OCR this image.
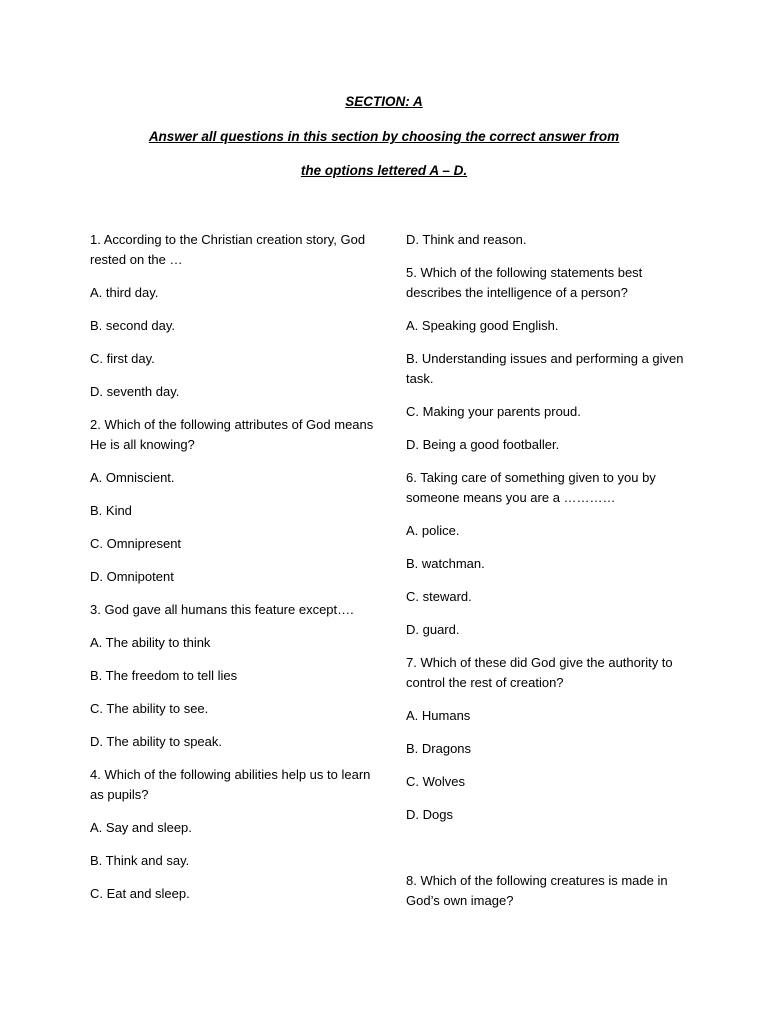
SECTION: A
Answer all questions in this section by choosing the correct answer from
the options lettered A – D.
1. According to the Christian creation story, God rested on the …
A. third day.
B. second day.
C. first day.
D. seventh day.
2. Which of the following attributes of God means He is all knowing?
A. Omniscient.
B. Kind
C. Omnipresent
D. Omnipotent
3. God gave all humans this feature except….
A. The ability to think
B. The freedom to tell lies
C. The ability to see.
D. The ability to speak.
4. Which of the following abilities help us to learn as pupils?
A. Say and sleep.
B. Think and say.
C. Eat and sleep.
D. Think and reason.
5. Which of the following statements best describes the intelligence of a person?
A. Speaking good English.
B. Understanding issues and performing a given task.
C. Making your parents proud.
D. Being a good footballer.
6. Taking care of something given to you by someone means you are a …………
A. police.
B. watchman.
C. steward.
D. guard.
7. Which of these did God give the authority to control the rest of creation?
A. Humans
B. Dragons
C. Wolves
D. Dogs
8. Which of the following creatures is made in God’s own image?
